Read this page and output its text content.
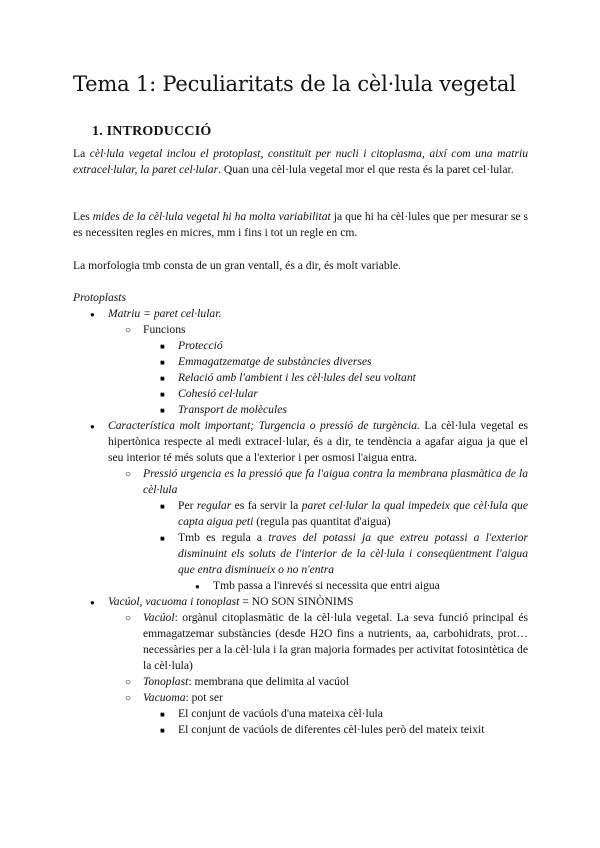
Tema 1: Peculiaritats de la cèl·lula vegetal
1. INTRODUCCIÓ

La cèl·lula vegetal inclou el protoplast, constituït per nucli i citoplasma, així com una matriu extracel·lular, la paret cel·lular. Quan una cèl·lula vegetal mor el que resta és la paret cel·lular.

Les mides de la cèl·lula vegetal hi ha molta variabilitat ja que hi ha cèl·lules que per mesurar se s es necessiten regles en micres, mm i fins i tot un regle en cm.

La morfologia tmb consta de un gran ventall, és a dir, és molt variable.

Protoplasts

●
Matriu = paret cel·lular.
○
Funcions
■
Protecció
■
Emmagatzematge de substàncies diverses
■
Relació amb l'ambient i les cèl·lules del seu voltant
■
Cohesió cel·lular
■
Transport de molècules
●

Característica molt important; Turgencia o pressió de turgència. La cèl·lula vegetal es hipertònica respecte al medi extracel·lular, és a dir, te tendència a agafar aigua ja que el seu interior té més soluts que a l'exterior i per osmosi l'aigua entra.

○

Pressió urgencia es la pressió que fa l'aigua contra la membrana plasmàtica de la cèl·lula

■

Per regular es fa servir la paret cel·lular la qual impedeix que cèl·lula que capta aigua peti (regula pas quantitat d'aigua)

■

Tmb es regula a traves del potassi ja que extreu potassi a l'exterior disminuint els soluts de l'interior de la cèl·lula i conseqüentment l'aigua que entra disminueix o no n'entra

●
Tmb passa a l'inrevés si necessita que entri aigua
●
Vacúol, vacuoma i tonoplast = NO SON SINÒNIMS
○

Vacúol: orgànul citoplasmàtic de la cèl·lula vegetal. La seva funció principal és emmagatzemar substàncies (desde H2O fins a nutrients, aa, carbohidrats, prot… necessàries per a la cèl·lula i la gran majoria formades per activitat fotosintètica de la cèl·lula)

○
Tonoplast: membrana que delimita al vacúol
○
Vacuoma: pot ser
■
El conjunt de vacúols d'una mateixa cèl·lula
■
El conjunt de vacúols de diferentes cèl·lules però del mateix teixit
